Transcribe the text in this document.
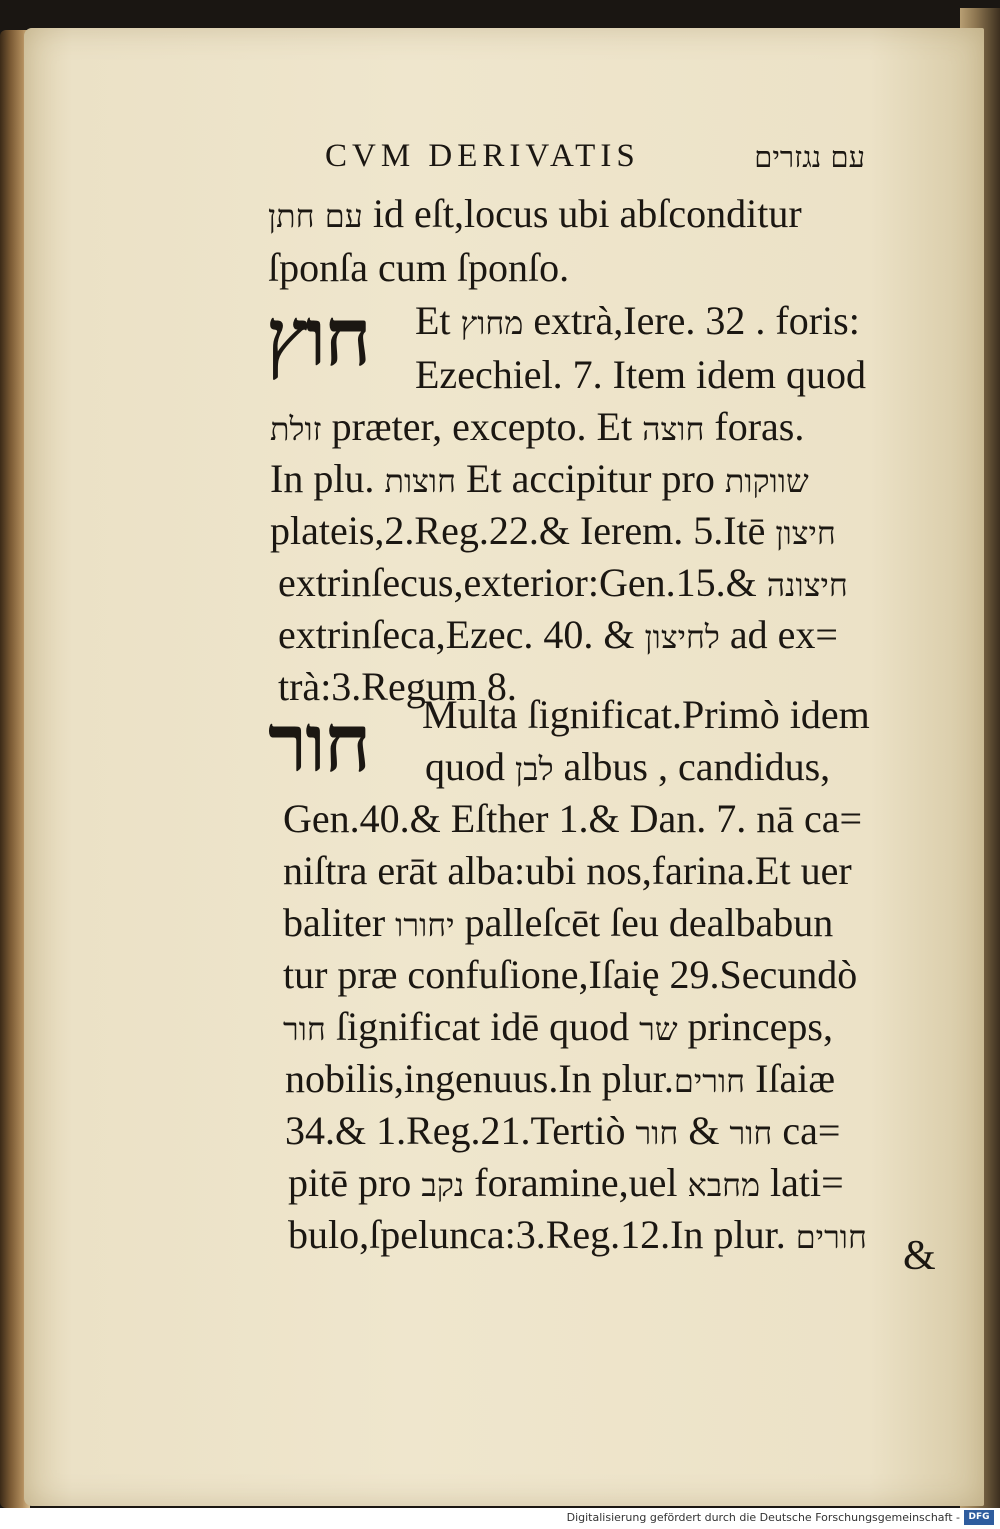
CVM DERIVATIS	עם נגזרים
עם חתן id eſt,locus ubi abſconditur
ſponſa cum ſponſo.
חוץ Et מחוץ extrà,Iere. 32 . foris:
Ezechiel. 7. Item idem quod
זולת præter, excepto. Et חוצה foras.
In plu. חוצות Et accipitur pro שווקות
plateis,2.Reg.22.& Ierem. 5.Itē חיצון
extrinſecus,exterior:Gen.15.& חיצונה
extrinſeca,Ezec. 40. & לחיצון ad ex=
trà:3.Regum 8.
חור Multa ſignificat.Primò idem
quod לבן albus , candidus,
Gen.40.& Eſther 1.& Dan. 7. nā ca=
niſtra erāt alba:ubi nos,farina.Et uer
baliter יחורו palleſcēt ſeu dealbabun
tur præ confuſione,Iſaię 29.Secundò
חור ſignificat idē quod שר princeps,
nobilis,ingenuus.In plur.חורים Iſaiæ
34.& 1.Reg.21.Tertiò חור & חור ca=
pitē pro נקב foramine,uel מחבא lati=
bulo,ſpelunca:3.Reg.12.In plur. חורים &
Digitalisierung gefördert durch die Deutsche Forschungsgemeinschaft - DFG
